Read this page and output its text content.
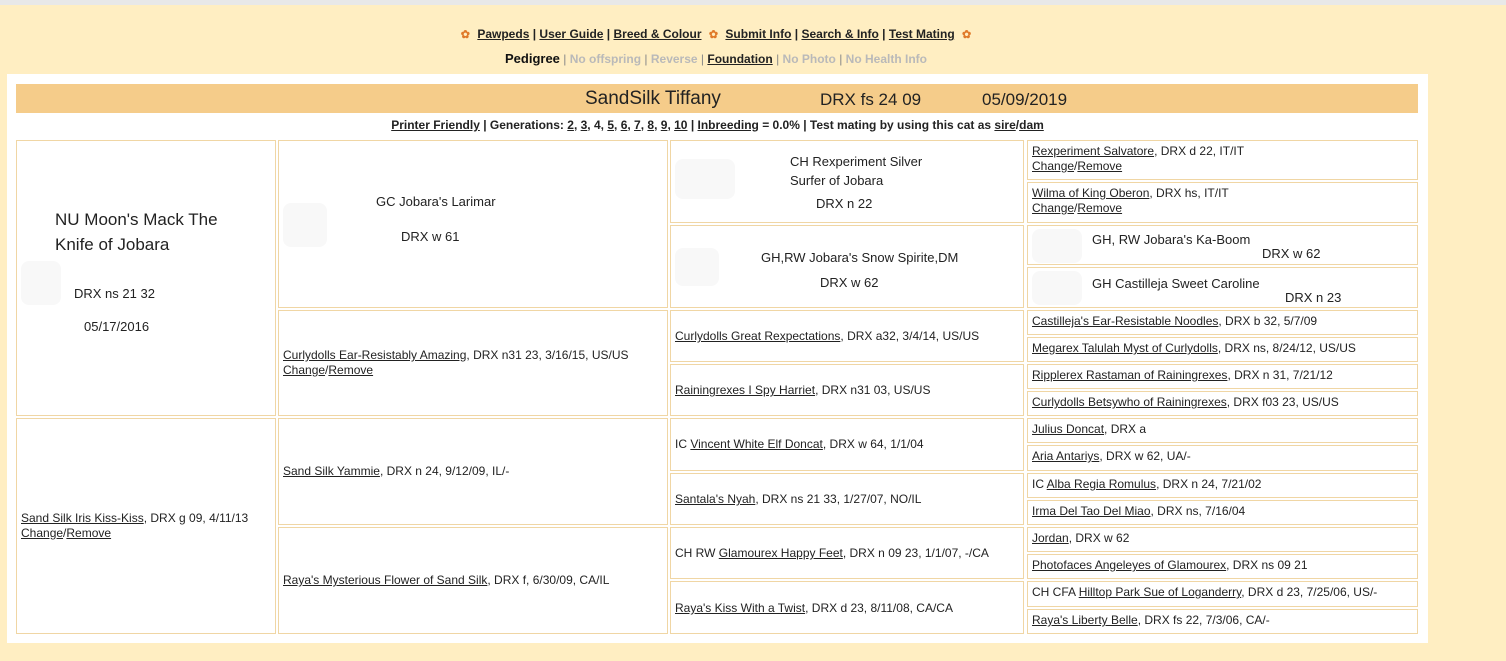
✿ Pawpeds | User Guide | Breed & Colour ✿ Submit Info | Search & Info | Test Mating ✿
Pedigree | No offspring | Reverse | Foundation | No Photo | No Health Info
SandSilk Tiffany	DRX fs 24 09	05/09/2019
Printer Friendly | Generations: 2, 3, 4, 5, 6, 7, 8, 9, 10 | Inbreeding = 0.0% | Test mating by using this cat as sire/dam
NU Moon's Mack The
Knife of Jobara
DRX ns 21 32
05/17/2016
Sand Silk Iris Kiss-Kiss, DRX g 09, 4/11/13
Change/Remove
GC Jobara's Larimar
DRX w 61
Curlydolls Ear-Resistably Amazing, DRX n31 23, 3/16/15, US/US
Change/Remove
Sand Silk Yammie, DRX n 24, 9/12/09, IL/-
Raya's Mysterious Flower of Sand Silk, DRX f, 6/30/09, CA/IL
CH Rexperiment Silver
Surfer of Jobara
DRX n 22
GH,RW Jobara's Snow Spirite,DM
DRX w 62
Curlydolls Great Rexpectations, DRX a32, 3/4/14, US/US
Rainingrexes I Spy Harriet, DRX n31 03, US/US
IC Vincent White Elf Doncat, DRX w 64, 1/1/04
Santala's Nyah, DRX ns 21 33, 1/27/07, NO/IL
CH RW Glamourex Happy Feet, DRX n 09 23, 1/1/07, -/CA
Raya's Kiss With a Twist, DRX d 23, 8/11/08, CA/CA
Rexperiment Salvatore, DRX d 22, IT/IT
Change/Remove
Wilma of King Oberon, DRX hs, IT/IT
Change/Remove
GH, RW Jobara's Ka-Boom
DRX w 62
GH Castilleja Sweet Caroline
DRX n 23
Castilleja's Ear-Resistable Noodles, DRX b 32, 5/7/09
Megarex Talulah Myst of Curlydolls, DRX ns, 8/24/12, US/US
Ripplerex Rastaman of Rainingrexes, DRX n 31, 7/21/12
Curlydolls Betsywho of Rainingrexes, DRX f03 23, US/US
Julius Doncat, DRX a
Aria Antariys, DRX w 62, UA/-
IC Alba Regia Romulus, DRX n 24, 7/21/02
Irma Del Tao Del Miao, DRX ns, 7/16/04
Jordan, DRX w 62
Photofaces Angeleyes of Glamourex, DRX ns 09 21
CH CFA Hilltop Park Sue of Loganderry, DRX d 23, 7/25/06, US/-
Raya's Liberty Belle, DRX fs 22, 7/3/06, CA/-
